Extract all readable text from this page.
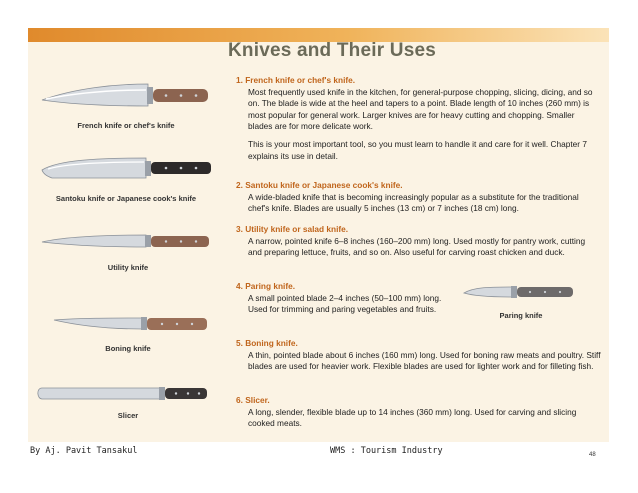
Knives and Their Uses
French knife or chef's knife
Santoku knife or Japanese cook's knife
Utility knife
Boning knife
Slicer
Paring knife
1. French knife or chef's knife.

Most frequently used knife in the kitchen, for general-purpose chopping, slicing, dicing, and so on. The blade is wide at the heel and tapers to a point. Blade length of 10 inches (260 mm) is most popular for general work. Larger knives are for heavy cutting and chopping. Smaller blades are for more delicate work.

This is your most important tool, so you must learn to handle it and care for it well. Chapter 7 explains its use in detail.

2. Santoku knife or Japanese cook's knife.

A wide-bladed knife that is becoming increasingly popular as a substitute for the traditional chef's knife. Blades are usually 5 inches (13 cm) or 7 inches (18 cm) long.

3. Utility knife or salad knife.

A narrow, pointed knife 6–8 inches (160–200 mm) long. Used mostly for pantry work, cutting and preparing lettuce, fruits, and so on. Also useful for carving roast chicken and duck.

4. Paring knife.

A small pointed blade 2–4 inches (50–100 mm) long. Used for trimming and paring vegetables and fruits.

5. Boning knife.

A thin, pointed blade about 6 inches (160 mm) long. Used for boning raw meats and poultry. Stiff blades are used for heavier work. Flexible blades are used for lighter work and for filleting fish.

6. Slicer.

A long, slender, flexible blade up to 14 inches (360 mm) long. Used for carving and slicing cooked meats.

By Aj. Pavit Tansakul	WMS : Tourism Industry	48
